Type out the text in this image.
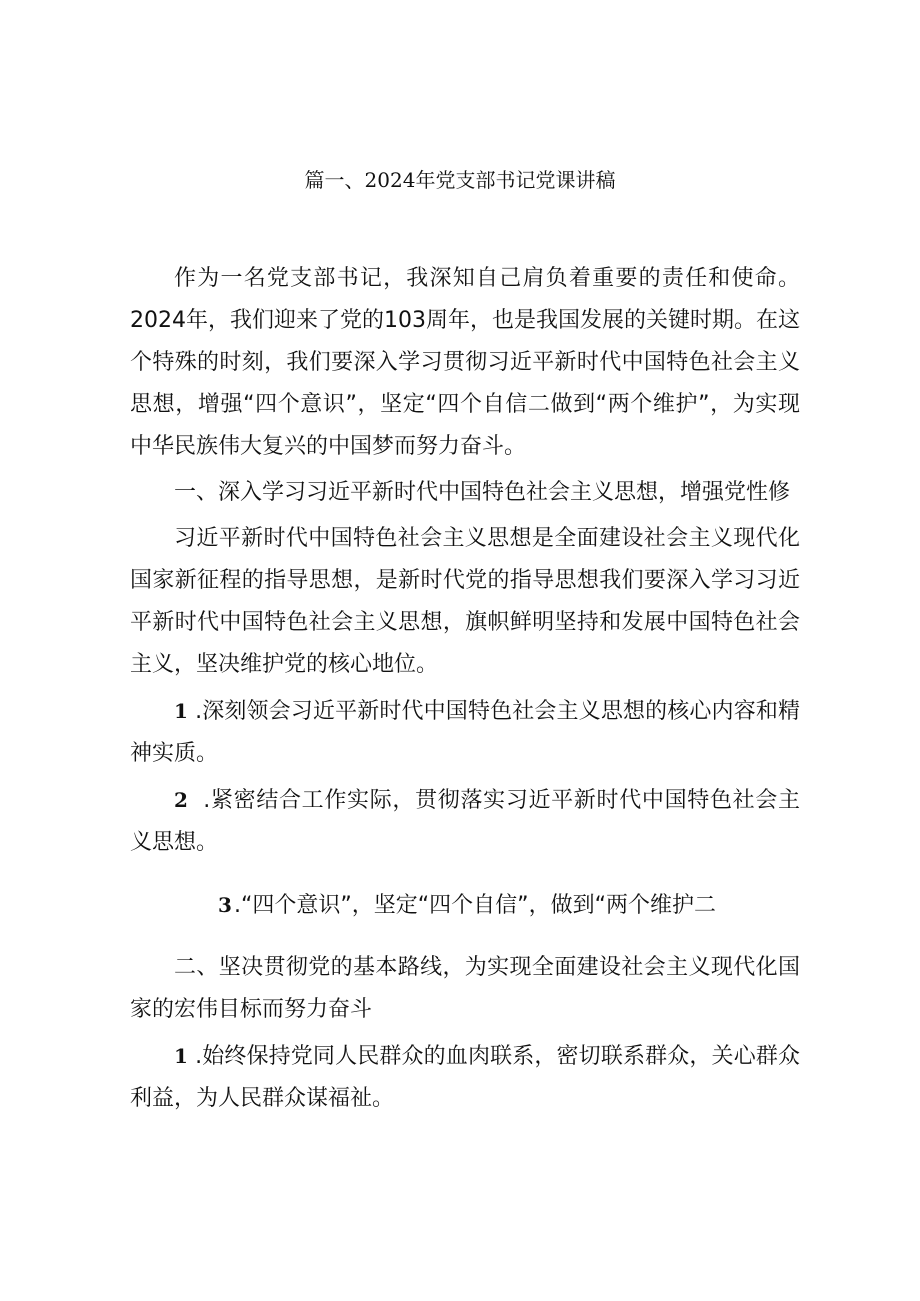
篇一、2024年党支部书记党课讲稿

作为一名党支部书记，我深知自己肩负着重要的责任和使命。2024年，我们迎来了党的103周年，也是我国发展的关键时期。在这个特殊的时刻，我们要深入学习贯彻习近平新时代中国特色社会主义思想，增强“四个意识”，坚定“四个自信二做到“两个维护”，为实现中华民族伟大复兴的中国梦而努力奋斗。

一、深入学习习近平新时代中国特色社会主义思想，增强党性修

习近平新时代中国特色社会主义思想是全面建设社会主义现代化国家新征程的指导思想，是新时代党的指导思想我们要深入学习习近平新时代中国特色社会主义思想，旗帜鲜明坚持和发展中国特色社会主义，坚决维护党的核心地位。

1 .深刻领会习近平新时代中国特色社会主义思想的核心内容和精神实质。

2 .紧密结合工作实际，贯彻落实习近平新时代中国特色社会主义思想。

3.“四个意识”，坚定“四个自信”，做到“两个维护二

二、坚决贯彻党的基本路线，为实现全面建设社会主义现代化国家的宏伟目标而努力奋斗

1 .始终保持党同人民群众的血肉联系，密切联系群众，关心群众利益，为人民群众谋福祉。
